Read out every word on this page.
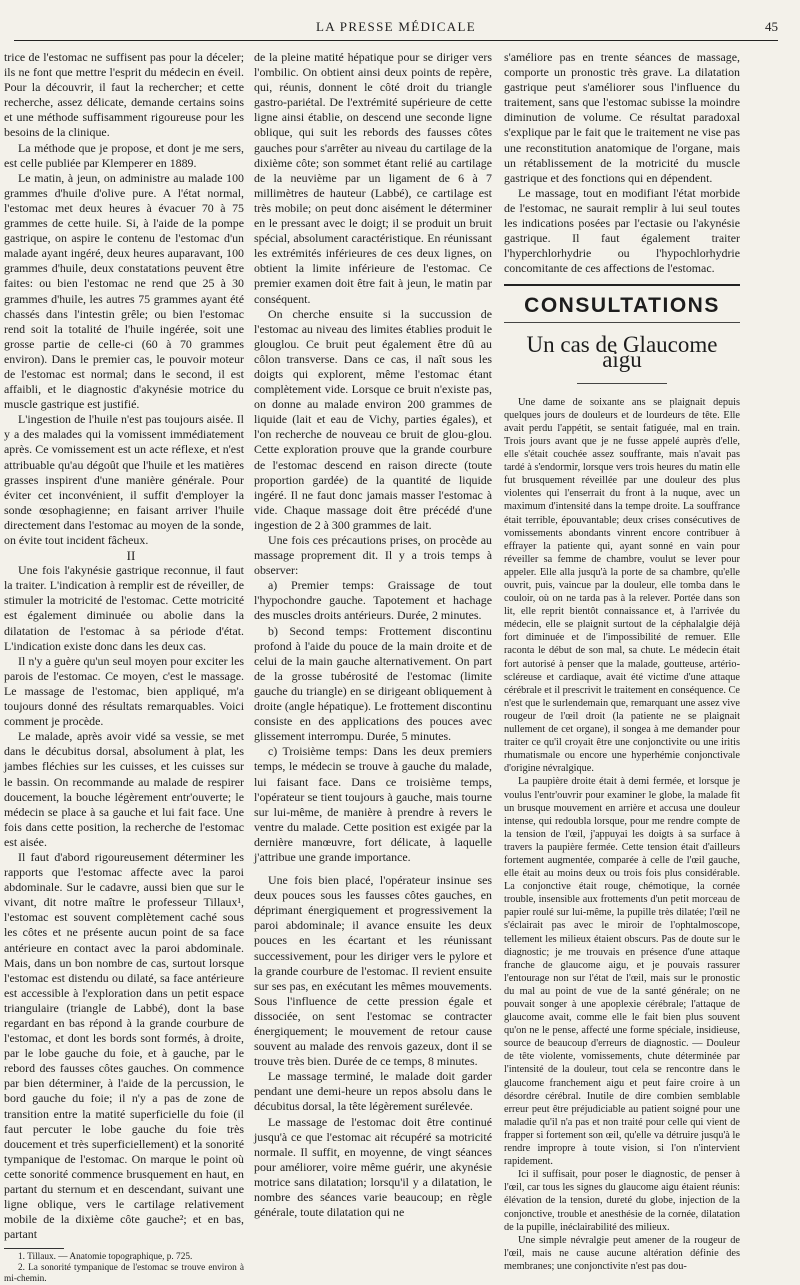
LA PRESSE MÉDICALE	45

trice de l'estomac ne suffisent pas pour la déceler; ils ne font que mettre l'esprit du médecin en éveil. Pour la découvrir, il faut la rechercher; et cette recherche, assez délicate, demande certains soins et une méthode suffisamment rigoureuse pour les besoins de la clinique.

La méthode que je propose, et dont je me sers, est celle publiée par Klemperer en 1889.

Le matin, à jeun, on administre au malade 100 grammes d'huile d'olive pure. A l'état normal, l'estomac met deux heures à évacuer 70 à 75 grammes de cette huile. Si, à l'aide de la pompe gastrique, on aspire le contenu de l'estomac d'un malade ayant ingéré, deux heures auparavant, 100 grammes d'huile, deux constatations peuvent être faites: ou bien l'estomac ne rend que 25 à 30 grammes d'huile, les autres 75 grammes ayant été chassés dans l'intestin grêle; ou bien l'estomac rend soit la totalité de l'huile ingérée, soit une grosse partie de celle-ci (60 à 70 grammes environ). Dans le premier cas, le pouvoir moteur de l'estomac est normal; dans le second, il est affaibli, et le diagnostic d'akynésie motrice du muscle gastrique est justifié.

L'ingestion de l'huile n'est pas toujours aisée. Il y a des malades qui la vomissent immédiatement après. Ce vomissement est un acte réflexe, et n'est attribuable qu'au dégoût que l'huile et les matières grasses inspirent d'une manière générale. Pour éviter cet inconvénient, il suffit d'employer la sonde œsophagienne; en faisant arriver l'huile directement dans l'estomac au moyen de la sonde, on évite tout incident fâcheux.

II

Une fois l'akynésie gastrique reconnue, il faut la traiter. L'indication à remplir est de réveiller, de stimuler la motricité de l'estomac. Cette motricité est également diminuée ou abolie dans la dilatation de l'estomac à sa période d'état. L'indication existe donc dans les deux cas.

Il n'y a guère qu'un seul moyen pour exciter les parois de l'estomac. Ce moyen, c'est le massage. Le massage de l'estomac, bien appliqué, m'a toujours donné des résultats remarquables. Voici comment je procède.

Le malade, après avoir vidé sa vessie, se met dans le décubitus dorsal, absolument à plat, les jambes fléchies sur les cuisses, et les cuisses sur le bassin. On recommande au malade de respirer doucement, la bouche légèrement entr'ouverte; le médecin se place à sa gauche et lui fait face. Une fois dans cette position, la recherche de l'estomac est aisée.

Il faut d'abord rigoureusement déterminer les rapports que l'estomac affecte avec la paroi abdominale. Sur le cadavre, aussi bien que sur le vivant, dit notre maître le professeur Tillaux¹, l'estomac est souvent complètement caché sous les côtes et ne présente aucun point de sa face antérieure en contact avec la paroi abdominale. Mais, dans un bon nombre de cas, surtout lorsque l'estomac est distendu ou dilaté, sa face antérieure est accessible à l'exploration dans un petit espace triangulaire (triangle de Labbé), dont la base regardant en bas répond à la grande courbure de l'estomac, et dont les bords sont formés, à droite, par le lobe gauche du foie, et à gauche, par le rebord des fausses côtes gauches. On commence par bien déterminer, à l'aide de la percussion, le bord gauche du foie; il n'y a pas de zone de transition entre la matité superficielle du foie (il faut percuter le lobe gauche du foie très doucement et très superficiellement) et la sonorité tympanique de l'estomac. On marque le point où cette sonorité commence brusquement en haut, en partant du sternum et en descendant, suivant une ligne oblique, vers le cartilage relativement mobile de la dixième côte gauche²; et en bas, partant

1. Tillaux. — Anatomie topographique, p. 725.

2. La sonorité tympanique de l'estomac se trouve environ à mi-chemin.

de la pleine matité hépatique pour se diriger vers l'ombilic. On obtient ainsi deux points de repère, qui, réunis, donnent le côté droit du triangle gastro-pariétal. De l'extrémité supérieure de cette ligne ainsi établie, on descend une seconde ligne oblique, qui suit les rebords des fausses côtes gauches pour s'arrêter au niveau du cartilage de la dixième côte; son sommet étant relié au cartilage de la neuvième par un ligament de 6 à 7 millimètres de hauteur (Labbé), ce cartilage est très mobile; on peut donc aisément le déterminer en le pressant avec le doigt; il se produit un bruit spécial, absolument caractéristique. En réunissant les extrémités inférieures de ces deux lignes, on obtient la limite inférieure de l'estomac. Ce premier examen doit être fait à jeun, le matin par conséquent.

On cherche ensuite si la succussion de l'estomac au niveau des limites établies produit le glouglou. Ce bruit peut également être dû au côlon transverse. Dans ce cas, il naît sous les doigts qui explorent, même l'estomac étant complètement vide. Lorsque ce bruit n'existe pas, on donne au malade environ 200 grammes de liquide (lait et eau de Vichy, parties égales), et l'on recherche de nouveau ce bruit de glou-glou. Cette exploration prouve que la grande courbure de l'estomac descend en raison directe (toute proportion gardée) de la quantité de liquide ingéré. Il ne faut donc jamais masser l'estomac à vide. Chaque massage doit être précédé d'une ingestion de 2 à 300 grammes de lait.

Une fois ces précautions prises, on procède au massage proprement dit. Il y a trois temps à observer:

a) Premier temps: Graissage de tout l'hypochondre gauche. Tapotement et hachage des muscles droits antérieurs. Durée, 2 minutes.

b) Second temps: Frottement discontinu profond à l'aide du pouce de la main droite et de celui de la main gauche alternativement. On part de la grosse tubérosité de l'estomac (limite gauche du triangle) en se dirigeant obliquement à droite (angle hépatique). Le frottement discontinu consiste en des applications des pouces avec glissement interrompu. Durée, 5 minutes.

c) Troisième temps: Dans les deux premiers temps, le médecin se trouve à gauche du malade, lui faisant face. Dans ce troisième temps, l'opérateur se tient toujours à gauche, mais tourne sur lui-même, de manière à prendre à revers le ventre du malade. Cette position est exigée par la dernière manœuvre, fort délicate, à laquelle j'attribue une grande importance.

Une fois bien placé, l'opérateur insinue ses deux pouces sous les fausses côtes gauches, en déprimant énergiquement et progressivement la paroi abdominale; il avance ensuite les deux pouces en les écartant et les réunissant successivement, pour les diriger vers le pylore et la grande courbure de l'estomac. Il revient ensuite sur ses pas, en exécutant les mêmes mouvements. Sous l'influence de cette pression égale et dissociée, on sent l'estomac se contracter énergiquement; le mouvement de retour cause souvent au malade des renvois gazeux, dont il se trouve très bien. Durée de ce temps, 8 minutes.

Le massage terminé, le malade doit garder pendant une demi-heure un repos absolu dans le décubitus dorsal, la tête légèrement surélevée.

Le massage de l'estomac doit être continué jusqu'à ce que l'estomac ait récupéré sa motricité normale. Il suffit, en moyenne, de vingt séances pour améliorer, voire même guérir, une akynésie motrice sans dilatation; lorsqu'il y a dilatation, le nombre des séances varie beaucoup; en règle générale, toute dilatation qui ne

s'améliore pas en trente séances de massage, comporte un pronostic très grave. La dilatation gastrique peut s'améliorer sous l'influence du traitement, sans que l'estomac subisse la moindre diminution de volume. Ce résultat paradoxal s'explique par le fait que le traitement ne vise pas une reconstitution anatomique de l'organe, mais un rétablissement de la motricité du muscle gastrique et des fonctions qui en dépendent.

Le massage, tout en modifiant l'état morbide de l'estomac, ne saurait remplir à lui seul toutes les indications posées par l'ectasie ou l'akynésie gastrique. Il faut également traiter l'hyperchlorhydrie ou l'hypochlorhydrie concomitante de ces affections de l'estomac.

CONSULTATIONS
Un cas de Glaucome aigu

Une dame de soixante ans se plaignait depuis quelques jours de douleurs et de lourdeurs de tête. Elle avait perdu l'appétit, se sentait fatiguée, mal en train. Trois jours avant que je ne fusse appelé auprès d'elle, elle s'était couchée assez souffrante, mais n'avait pas tardé à s'endormir, lorsque vers trois heures du matin elle fut brusquement réveillée par une douleur des plus violentes qui l'enserrait du front à la nuque, avec un maximum d'intensité dans la tempe droite. La souffrance était terrible, épouvantable; deux crises consécutives de vomissements abondants vinrent encore contribuer à effrayer la patiente qui, ayant sonné en vain pour réveiller sa femme de chambre, voulut se lever pour appeler. Elle alla jusqu'à la porte de sa chambre, qu'elle ouvrit, puis, vaincue par la douleur, elle tomba dans le couloir, où on ne tarda pas à la relever. Portée dans son lit, elle reprit bientôt connaissance et, à l'arrivée du médecin, elle se plaignit surtout de la céphalalgie déjà fort diminuée et de l'impossibilité de remuer. Elle raconta le début de son mal, sa chute. Le médecin était fort autorisé à penser que la malade, goutteuse, artério-scléreuse et cardiaque, avait été victime d'une attaque cérébrale et il prescrivit le traitement en conséquence. Ce n'est que le surlendemain que, remarquant une assez vive rougeur de l'œil droit (la patiente ne se plaignait nullement de cet organe), il songea à me demander pour traiter ce qu'il croyait être une conjonctivite ou une iritis rhumatismale ou encore une hyperhémie conjonctivale d'origine névralgique.

La paupière droite était à demi fermée, et lorsque je voulus l'entr'ouvrir pour examiner le globe, la malade fit un brusque mouvement en arrière et accusa une douleur intense, qui redoubla lorsque, pour me rendre compte de la tension de l'œil, j'appuyai les doigts à sa surface à travers la paupière fermée. Cette tension était d'ailleurs fortement augmentée, comparée à celle de l'œil gauche, elle était au moins deux ou trois fois plus considérable. La conjonctive était rouge, chémotique, la cornée trouble, insensible aux frottements d'un petit morceau de papier roulé sur lui-même, la pupille très dilatée; l'œil ne s'éclairait pas avec le miroir de l'ophtalmoscope, tellement les milieux étaient obscurs. Pas de doute sur le diagnostic; je me trouvais en présence d'une attaque franche de glaucome aigu, et je pouvais rassurer l'entourage non sur l'état de l'œil, mais sur le pronostic du mal au point de vue de la santé générale; on ne pouvait songer à une apoplexie cérébrale; l'attaque de glaucome avait, comme elle le fait bien plus souvent qu'on ne le pense, affecté une forme spéciale, insidieuse, source de beaucoup d'erreurs de diagnostic. — Douleur de tête violente, vomissements, chute déterminée par l'intensité de la douleur, tout cela se rencontre dans le glaucome franchement aigu et peut faire croire à un désordre cérébral. Inutile de dire combien semblable erreur peut être préjudiciable au patient soigné pour une maladie qu'il n'a pas et non traité pour celle qui vient de frapper si fortement son œil, qu'elle va détruire jusqu'à le rendre impropre à toute vision, si l'on n'intervient rapidement.

Ici il suffisait, pour poser le diagnostic, de penser à l'œil, car tous les signes du glaucome aigu étaient réunis: élévation de la tension, dureté du globe, injection de la conjonctive, trouble et anesthésie de la cornée, dilatation de la pupille, inéclairabilité des milieux.

Une simple névralgie peut amener de la rougeur de l'œil, mais ne cause aucune altération définie des membranes; une conjonctivite n'est pas dou-
